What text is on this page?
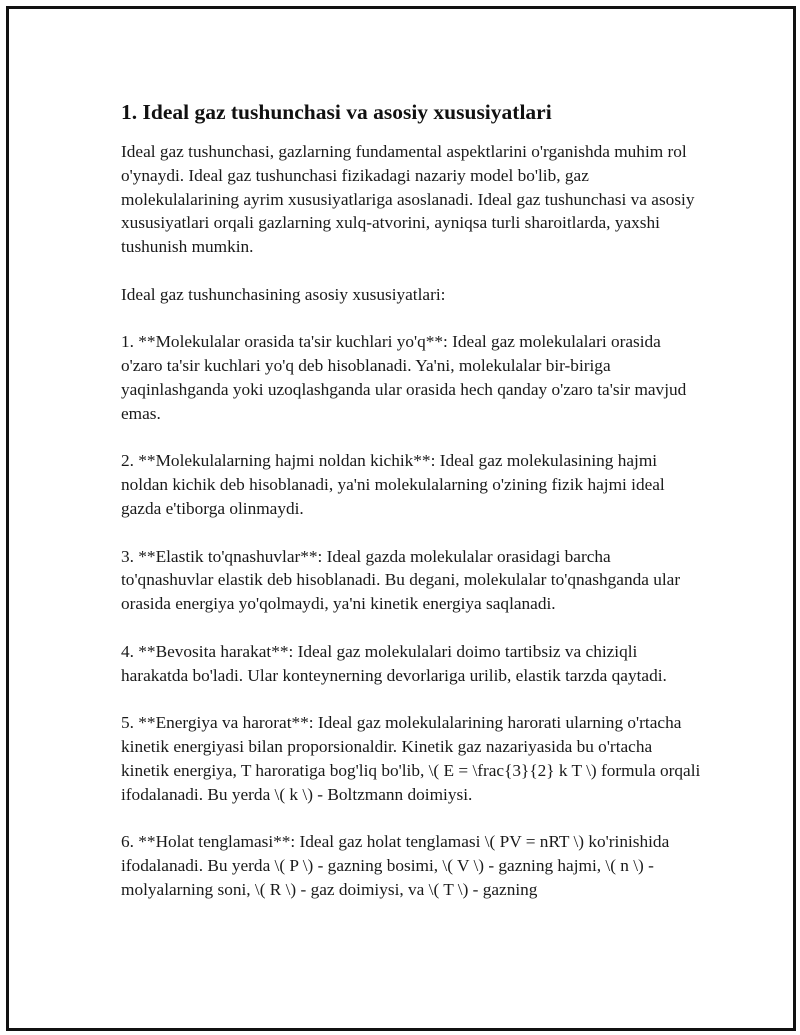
1. Ideal gaz tushunchasi va asosiy xususiyatlari

Ideal gaz tushunchasi, gazlarning fundamental aspektlarini o'rganishda muhim rol o'ynaydi. Ideal gaz tushunchasi fizikadagi nazariy model bo'lib, gaz molekulalarining ayrim xususiyatlariga asoslanadi. Ideal gaz tushunchasi va asosiy xususiyatlari orqali gazlarning xulq-atvorini, ayniqsa turli sharoitlarda, yaxshi tushunish mumkin.

Ideal gaz tushunchasining asosiy xususiyatlari:

1. **Molekulalar orasida ta'sir kuchlari yo'q**: Ideal gaz molekulalari orasida o'zaro ta'sir kuchlari yo'q deb hisoblanadi. Ya'ni, molekulalar bir-biriga yaqinlashganda yoki uzoqlashganda ular orasida hech qanday o'zaro ta'sir mavjud emas.

2. **Molekulalarning hajmi noldan kichik**: Ideal gaz molekulasining hajmi noldan kichik deb hisoblanadi, ya'ni molekulalarning o'zining fizik hajmi ideal gazda e'tiborga olinmaydi.

3. **Elastik to'qnashuvlar**: Ideal gazda molekulalar orasidagi barcha to'qnashuvlar elastik deb hisoblanadi. Bu degani, molekulalar to'qnashganda ular orasida energiya yo'qolmaydi, ya'ni kinetik energiya saqlanadi.

4. **Bevosita harakat**: Ideal gaz molekulalari doimo tartibsiz va chiziqli harakatda bo'ladi. Ular konteynerning devorlariga urilib, elastik tarzda qaytadi.

5. **Energiya va harorat**: Ideal gaz molekulalarining harorati ularning o'rtacha kinetik energiyasi bilan proporsionaldir. Kinetik gaz nazariyasida bu o'rtacha kinetik energiya, T haroratiga bog'liq bo'lib, \( E = \frac{3}{2} k T \) formula orqali ifodalanadi. Bu yerda \( k \) - Boltzmann doimiysi.

6. **Holat tenglamasi**: Ideal gaz holat tenglamasi \( PV = nRT \) ko'rinishida ifodalanadi. Bu yerda \( P \) - gazning bosimi, \( V \) - gazning hajmi, \( n \) - molyalarning soni, \( R \) - gaz doimiysi, va \( T \) - gazning
